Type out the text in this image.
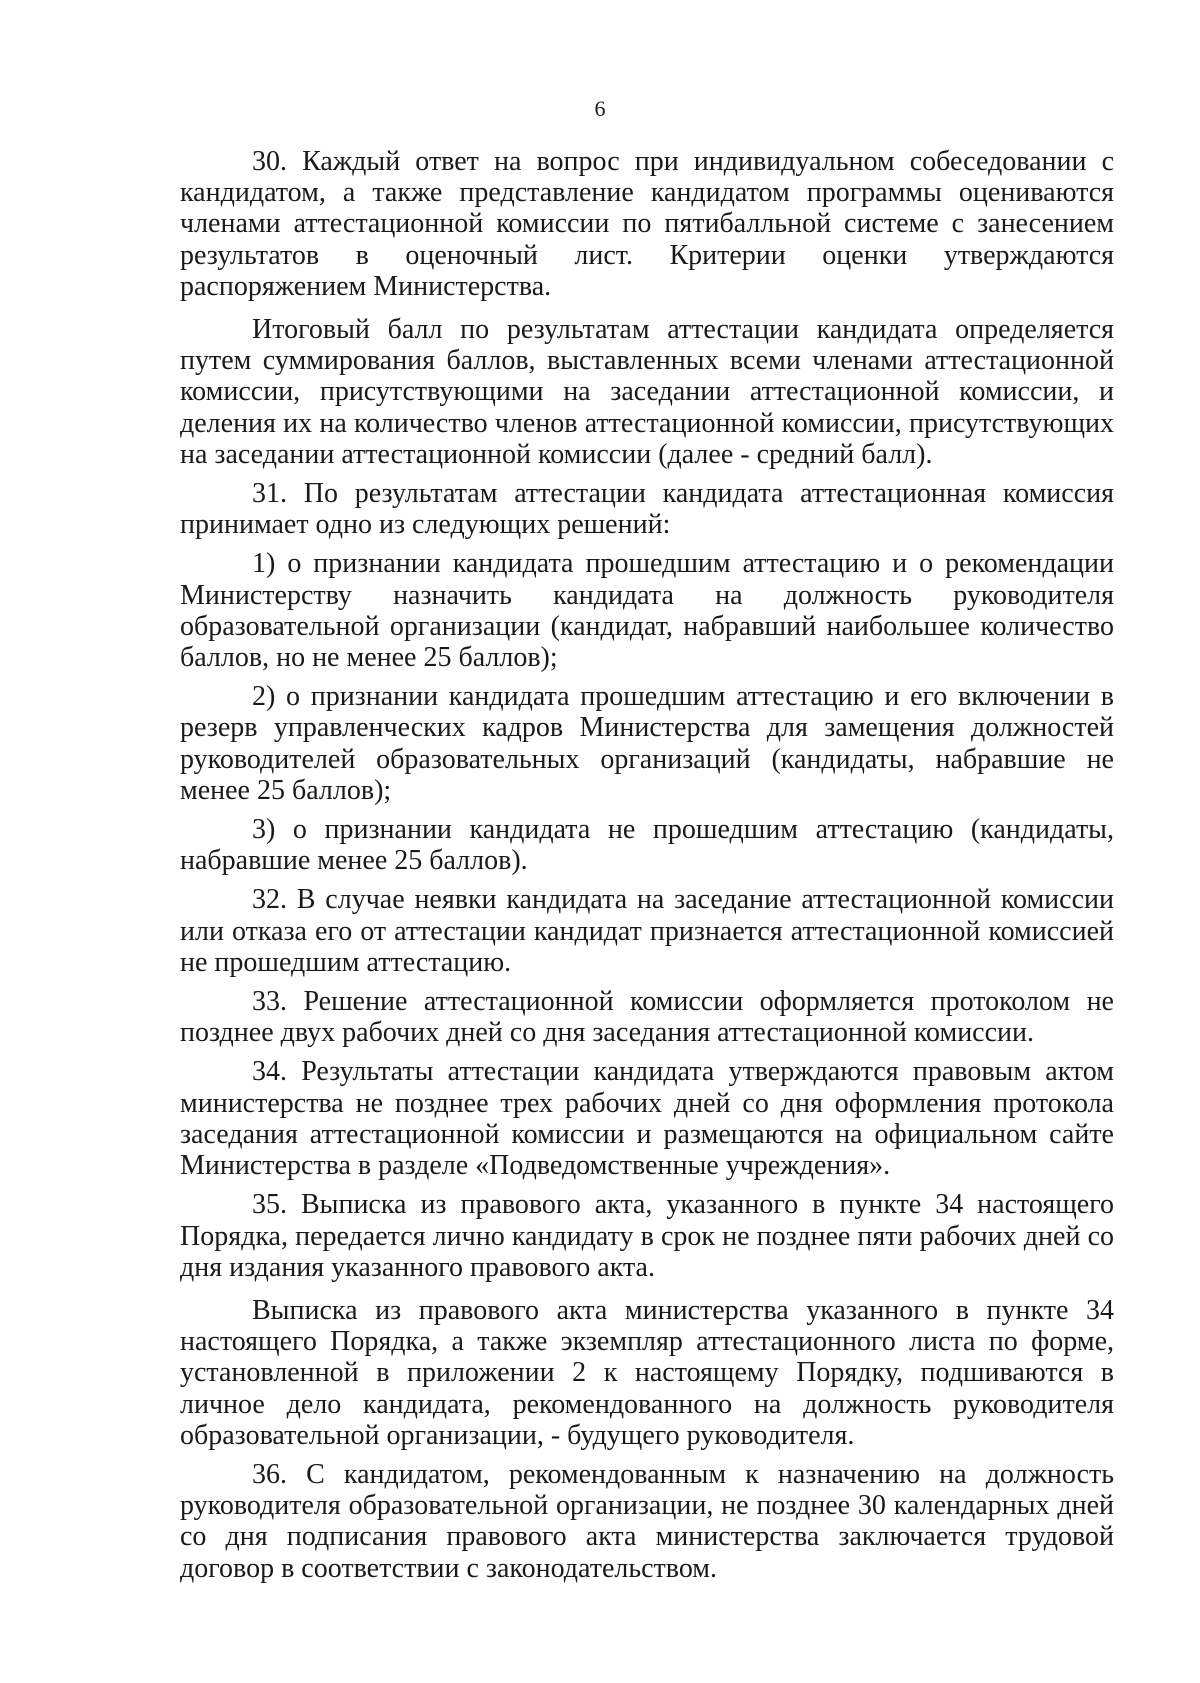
6

30. Каждый ответ на вопрос при индивидуальном собеседовании с кандидатом, а также представление кандидатом программы оцениваются членами аттестационной комиссии по пятибалльной системе с занесением результатов в оценочный лист. Критерии оценки утверждаются распоряжением Министерства.

Итоговый балл по результатам аттестации кандидата определяется путем суммирования баллов, выставленных всеми членами аттестационной комиссии, присутствующими на заседании аттестационной комиссии, и деления их на количество членов аттестационной комиссии, присутствующих на заседании аттестационной комиссии (далее - средний балл).

31. По результатам аттестации кандидата аттестационная комиссия принимает одно из следующих решений:

1) о признании кандидата прошедшим аттестацию и о рекомендации Министерству назначить кандидата на должность руководителя образовательной организации (кандидат, набравший наибольшее количество баллов, но не менее 25 баллов);

2) о признании кандидата прошедшим аттестацию и его включении в резерв управленческих кадров Министерства для замещения должностей руководителей образовательных организаций (кандидаты, набравшие не менее 25 баллов);

3) о признании кандидата не прошедшим аттестацию (кандидаты, набравшие менее 25 баллов).

32. В случае неявки кандидата на заседание аттестационной комиссии или отказа его от аттестации кандидат признается аттестационной комиссией не прошедшим аттестацию.

33. Решение аттестационной комиссии оформляется протоколом не позднее двух рабочих дней со дня заседания аттестационной комиссии.

34. Результаты аттестации кандидата утверждаются правовым актом министерства не позднее трех рабочих дней со дня оформления протокола заседания аттестационной комиссии и размещаются на официальном сайте Министерства в разделе «Подведомственные учреждения».

35. Выписка из правового акта, указанного в пункте 34 настоящего Порядка, передается лично кандидату в срок не позднее пяти рабочих дней со дня издания указанного правового акта.

Выписка из правового акта министерства указанного в пункте 34 настоящего Порядка, а также экземпляр аттестационного листа по форме, установленной в приложении 2 к настоящему Порядку, подшиваются в личное дело кандидата, рекомендованного на должность руководителя образовательной организации, - будущего руководителя.

36. С кандидатом, рекомендованным к назначению на должность руководителя образовательной организации, не позднее 30 календарных дней со дня подписания правового акта министерства заключается трудовой договор в соответствии с законодательством.
